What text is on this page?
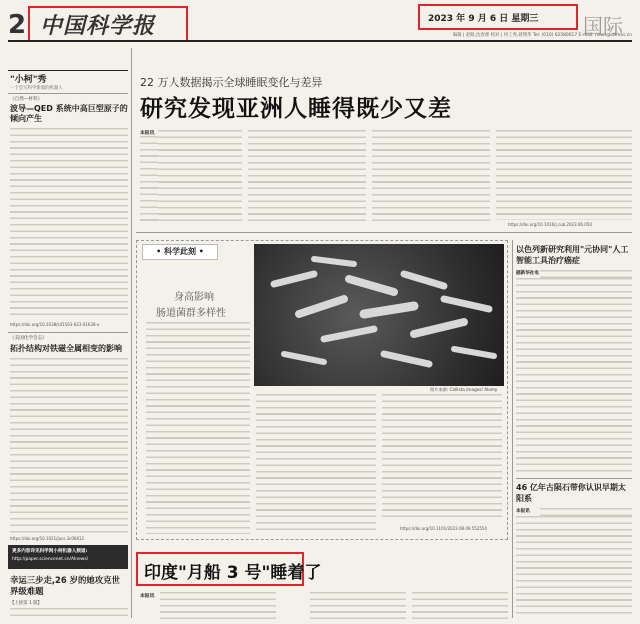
2 中国科学报	2023 年 9 月 6 日 星期三 国际
编辑 | 赵路,沈春蕾 校对 | 何工秀,聂翔华 Tel: (010) 62580617 E-mail: news@stimes.cn
"小柯"秀
一个会写科学新闻的机器人
《自然—材料》
波导—QED 系统中高巨型原子的倾向产生
https://doi.org/10.1038/s41563-023-01628-x
《美国化学会志》
拓扑结构对铁磁全属相变的影响
https://doi.org/10.1021/jacs.3c06612
更多内容详见科学网小柯机器人频道:
http://paper.sciencenet.cn/AInews/
幸运三步走,26 岁的她攻克世界级难题
【上接第 1 版】
22 万人数据揭示全球睡眠变化与差异
研究发现亚洲人睡得既少又差
本报讯
https://doi.org/10.1016/j.cub.2023.06.050
• 科学此刻 •
身高影响
肠道菌群多样性
图片来源: Callista Images/ Alamy
https://doi.org/10.1101/2023.08.09.552554
以色列新研究利用"元协同"人工智能工具治疗癌症
据新华社电
46 亿年古陨石带你认识早期太阳系
本报讯
印度"月船 3 号"睡着了
本报讯
